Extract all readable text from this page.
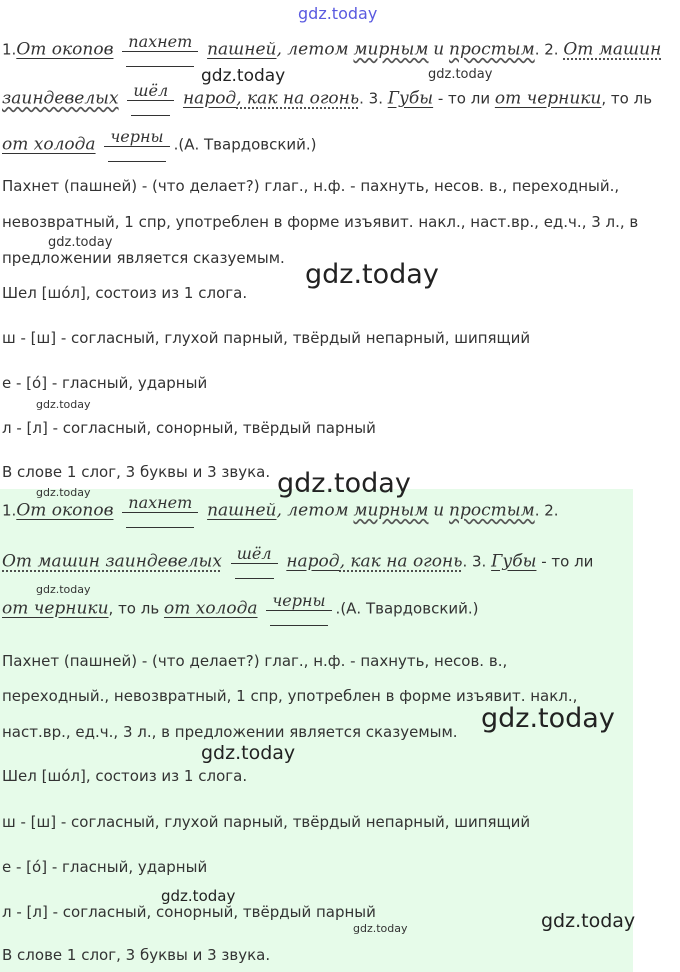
1.От окопов пахнет пашней, летом мирным и простым. 2. От машин
заиндевелых шёл народ, как на огонь. 3. Губы - то ли от черники, то ль
от холода черны .(А. Твардовский.)
Пахнет (пашней) - (что делает?) глаг., н.ф. - пахнуть, несов. в., переходный.,
невозвратный, 1 спр, употреблен в форме изъявит. накл., наст.вр., ед.ч., 3 л., в
предложении является сказуемым.
Шел [шо́л], состоиз из 1 слога.
ш - [ш] - согласный, глухой парный, твёрдый непарный, шипящий
е - [о́] - гласный, ударный
л - [л] - согласный, сонорный, твёрдый парный
В слове 1 слог, 3 буквы и 3 звука.
1.От окопов пахнет пашней, летом мирным и простым. 2.
От машин заиндевелых шёл народ, как на огонь. 3. Губы - то ли
от черники, то ль от холода черны .(А. Твардовский.)
Пахнет (пашней) - (что делает?) глаг., н.ф. - пахнуть, несов. в.,
переходный., невозвратный, 1 спр, употреблен в форме изъявит. накл.,
наст.вр., ед.ч., 3 л., в предложении является сказуемым.
Шел [шо́л], состоиз из 1 слога.
ш - [ш] - согласный, глухой парный, твёрдый непарный, шипящий
е - [о́] - гласный, ударный
л - [л] - согласный, сонорный, твёрдый парный
В слове 1 слог, 3 буквы и 3 звука.
gdz.today
gdz.today	gdz.today
gdz.today
gdz.today
gdz.today
gdz.today
gdz.today
gdz.today
gdz.today
gdz.today
gdz.today
gdz.today
gdz.today
